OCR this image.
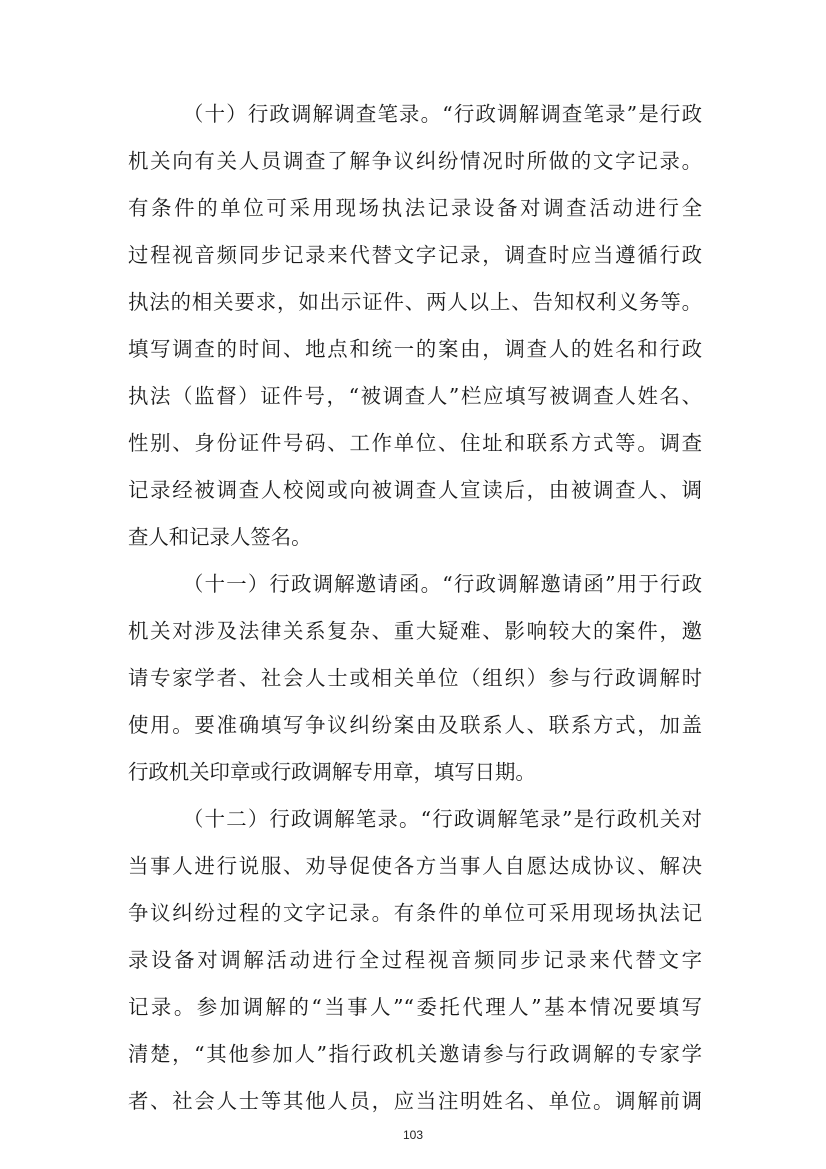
（十）行政调解调查笔录。“行政调解调查笔录”是行政
机关向有关人员调查了解争议纠纷情况时所做的文字记录。
有条件的单位可采用现场执法记录设备对调查活动进行全
过程视音频同步记录来代替文字记录，调查时应当遵循行政
执法的相关要求，如出示证件、两人以上、告知权利义务等。
填写调查的时间、地点和统一的案由，调查人的姓名和行政
执法（监督）证件号，“被调查人”栏应填写被调查人姓名、
性别、身份证件号码、工作单位、住址和联系方式等。调查
记录经被调查人校阅或向被调查人宣读后，由被调查人、调
查人和记录人签名。
（十一）行政调解邀请函。“行政调解邀请函”用于行政
机关对涉及法律关系复杂、重大疑难、影响较大的案件，邀
请专家学者、社会人士或相关单位（组织）参与行政调解时
使用。要准确填写争议纠纷案由及联系人、联系方式，加盖
行政机关印章或行政调解专用章，填写日期。
（十二）行政调解笔录。“行政调解笔录”是行政机关对
当事人进行说服、劝导促使各方当事人自愿达成协议、解决
争议纠纷过程的文字记录。有条件的单位可采用现场执法记
录设备对调解活动进行全过程视音频同步记录来代替文字
记录。参加调解的“当事人”“委托代理人”基本情况要填写
清楚，“其他参加人”指行政机关邀请参与行政调解的专家学
者、社会人士等其他人员，应当注明姓名、单位。调解前调
103
